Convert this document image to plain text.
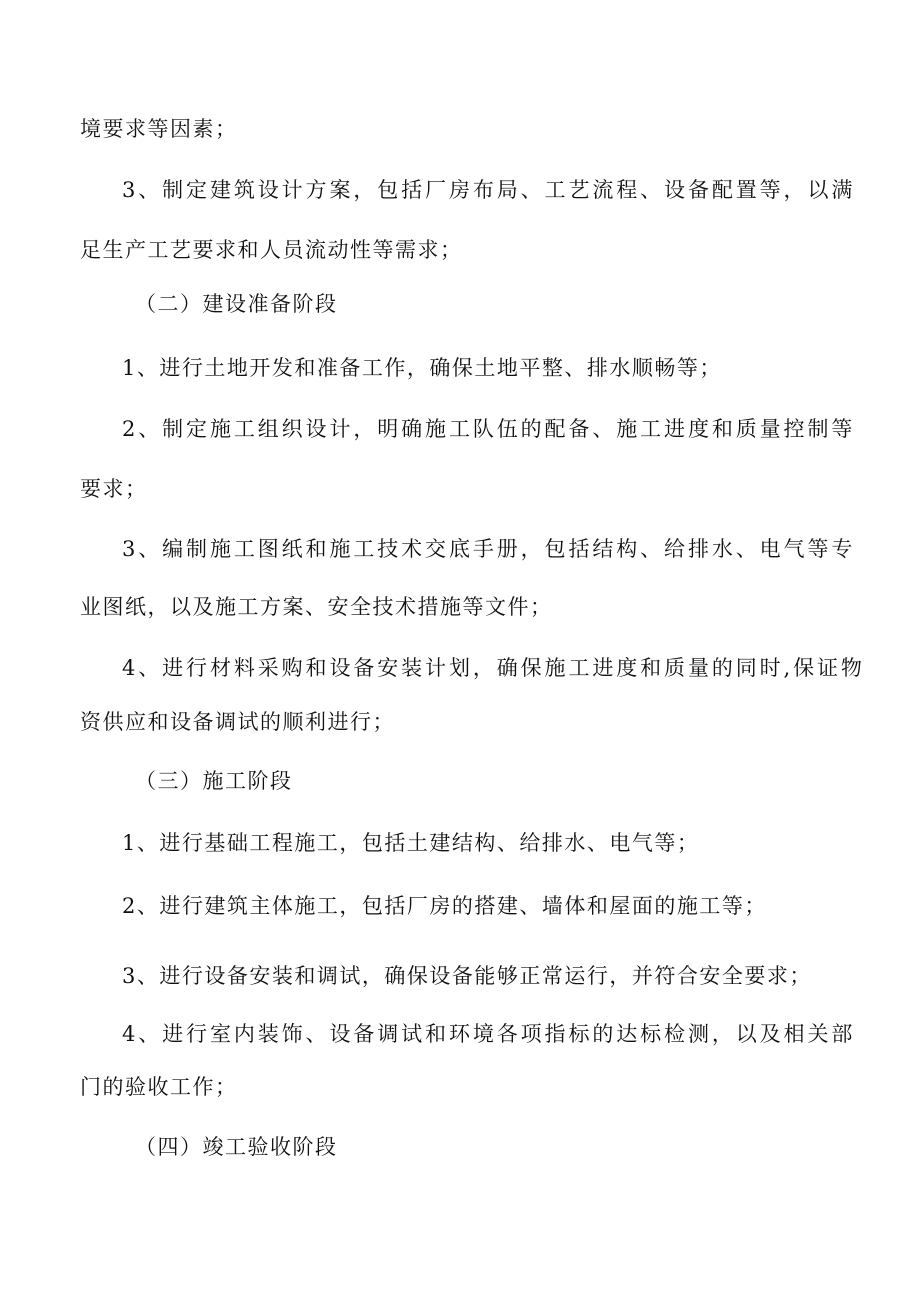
境要求等因素；
3、制定建筑设计方案，包括厂房布局、工艺流程、设备配置等，以满
足生产工艺要求和人员流动性等需求；
（二）建设准备阶段
1、进行土地开发和准备工作，确保土地平整、排水顺畅等；
2、制定施工组织设计，明确施工队伍的配备、施工进度和质量控制等
要求；
3、编制施工图纸和施工技术交底手册，包括结构、给排水、电气等专
业图纸，以及施工方案、安全技术措施等文件；
4、进行材料采购和设备安装计划，确保施工进度和质量的同时,保证物
资供应和设备调试的顺利进行；
（三）施工阶段
1、进行基础工程施工，包括土建结构、给排水、电气等；
2、进行建筑主体施工，包括厂房的搭建、墙体和屋面的施工等；
3、进行设备安装和调试，确保设备能够正常运行，并符合安全要求；
4、进行室内装饰、设备调试和环境各项指标的达标检测，以及相关部
门的验收工作；
（四）竣工验收阶段
